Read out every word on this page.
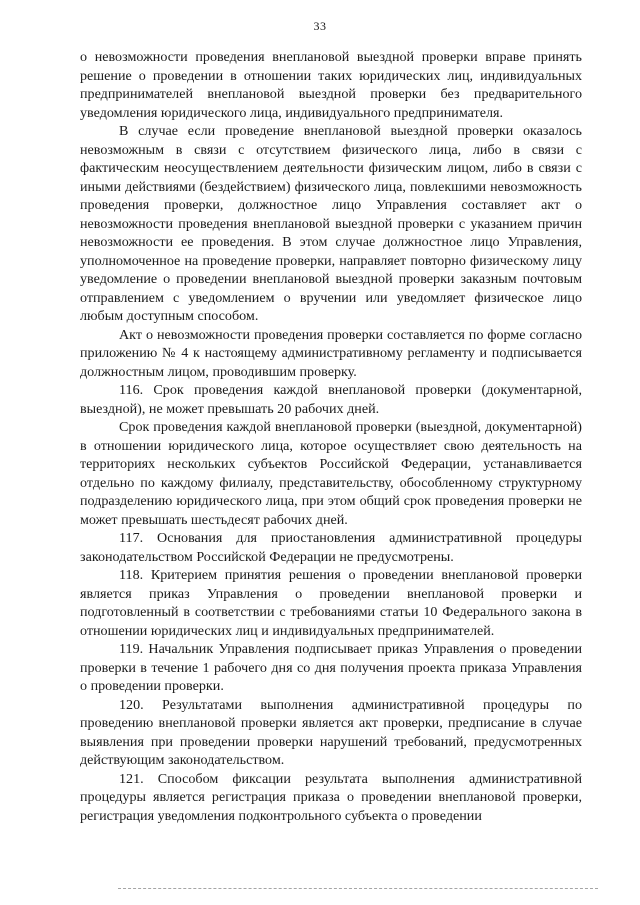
33

о невозможности проведения внеплановой выездной проверки вправе принять решение о проведении в отношении таких юридических лиц, индивидуальных предпринимателей внеплановой выездной проверки без предварительного уведомления юридического лица, индивидуального предпринимателя.

В случае если проведение внеплановой выездной проверки оказалось невозможным в связи с отсутствием физического лица, либо в связи с фактическим неосуществлением деятельности физическим лицом, либо в связи с иными действиями (бездействием) физического лица, повлекшими невозможность проведения проверки, должностное лицо Управления составляет акт о невозможности проведения внеплановой выездной проверки с указанием причин невозможности ее проведения. В этом случае должностное лицо Управления, уполномоченное на проведение проверки, направляет повторно физическому лицу уведомление о проведении внеплановой выездной проверки заказным почтовым отправлением с уведомлением о вручении или уведомляет физическое лицо любым доступным способом.

Акт о невозможности проведения проверки составляется по форме согласно приложению № 4 к настоящему административному регламенту и подписывается должностным лицом, проводившим проверку.

116. Срок проведения каждой внеплановой проверки (документарной, выездной), не может превышать 20 рабочих дней.

Срок проведения каждой внеплановой проверки (выездной, документарной) в отношении юридического лица, которое осуществляет свою деятельность на территориях нескольких субъектов Российской Федерации, устанавливается отдельно по каждому филиалу, представительству, обособленному структурному подразделению юридического лица, при этом общий срок проведения проверки не может превышать шестьдесят рабочих дней.

117. Основания для приостановления административной процедуры законодательством Российской Федерации не предусмотрены.

118. Критерием принятия решения о проведении внеплановой проверки является приказ Управления о проведении внеплановой проверки и подготовленный в соответствии с требованиями статьи 10 Федерального закона в отношении юридических лиц и индивидуальных предпринимателей.

119. Начальник Управления подписывает приказ Управления о проведении проверки в течение 1 рабочего дня со дня получения проекта приказа Управления о проведении проверки.

120. Результатами выполнения административной процедуры по проведению внеплановой проверки является акт проверки, предписание в случае выявления при проведении проверки нарушений требований, предусмотренных действующим законодательством.

121. Способом фиксации результата выполнения административной процедуры является регистрация приказа о проведении внеплановой проверки, регистрация уведомления подконтрольного субъекта о проведении
